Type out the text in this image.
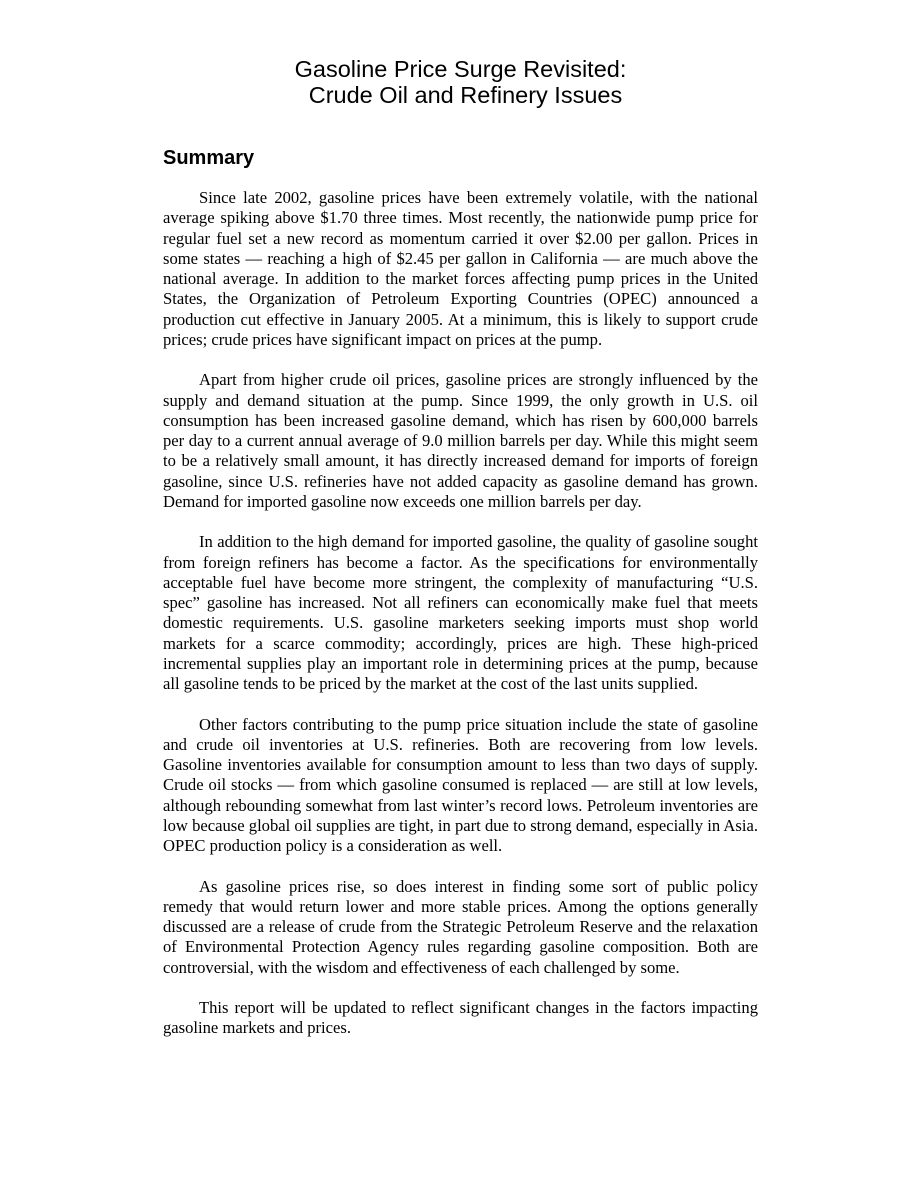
Gasoline Price Surge Revisited:
Crude Oil and Refinery Issues
Summary

Since late 2002, gasoline prices have been extremely volatile, with the national average spiking above $1.70 three times. Most recently, the nationwide pump price for regular fuel set a new record as momentum carried it over $2.00 per gallon. Prices in some states — reaching a high of $2.45 per gallon in California — are much above the national average. In addition to the market forces affecting pump prices in the United States, the Organization of Petroleum Exporting Countries (OPEC) announced a production cut effective in January 2005. At a minimum, this is likely to support crude prices; crude prices have significant impact on prices at the pump.

Apart from higher crude oil prices, gasoline prices are strongly influenced by the supply and demand situation at the pump. Since 1999, the only growth in U.S. oil consumption has been increased gasoline demand, which has risen by 600,000 barrels per day to a current annual average of 9.0 million barrels per day. While this might seem to be a relatively small amount, it has directly increased demand for imports of foreign gasoline, since U.S. refineries have not added capacity as gasoline demand has grown. Demand for imported gasoline now exceeds one million barrels per day.

In addition to the high demand for imported gasoline, the quality of gasoline sought from foreign refiners has become a factor. As the specifications for environmentally acceptable fuel have become more stringent, the complexity of manufacturing “U.S. spec” gasoline has increased. Not all refiners can economically make fuel that meets domestic requirements. U.S. gasoline marketers seeking imports must shop world markets for a scarce commodity; accordingly, prices are high. These high-priced incremental supplies play an important role in determining prices at the pump, because all gasoline tends to be priced by the market at the cost of the last units supplied.

Other factors contributing to the pump price situation include the state of gasoline and crude oil inventories at U.S. refineries. Both are recovering from low levels. Gasoline inventories available for consumption amount to less than two days of supply. Crude oil stocks — from which gasoline consumed is replaced — are still at low levels, although rebounding somewhat from last winter’s record lows. Petroleum inventories are low because global oil supplies are tight, in part due to strong demand, especially in Asia. OPEC production policy is a consideration as well.

As gasoline prices rise, so does interest in finding some sort of public policy remedy that would return lower and more stable prices. Among the options generally discussed are a release of crude from the Strategic Petroleum Reserve and the relaxation of Environmental Protection Agency rules regarding gasoline composition. Both are controversial, with the wisdom and effectiveness of each challenged by some.

This report will be updated to reflect significant changes in the factors impacting gasoline markets and prices.
